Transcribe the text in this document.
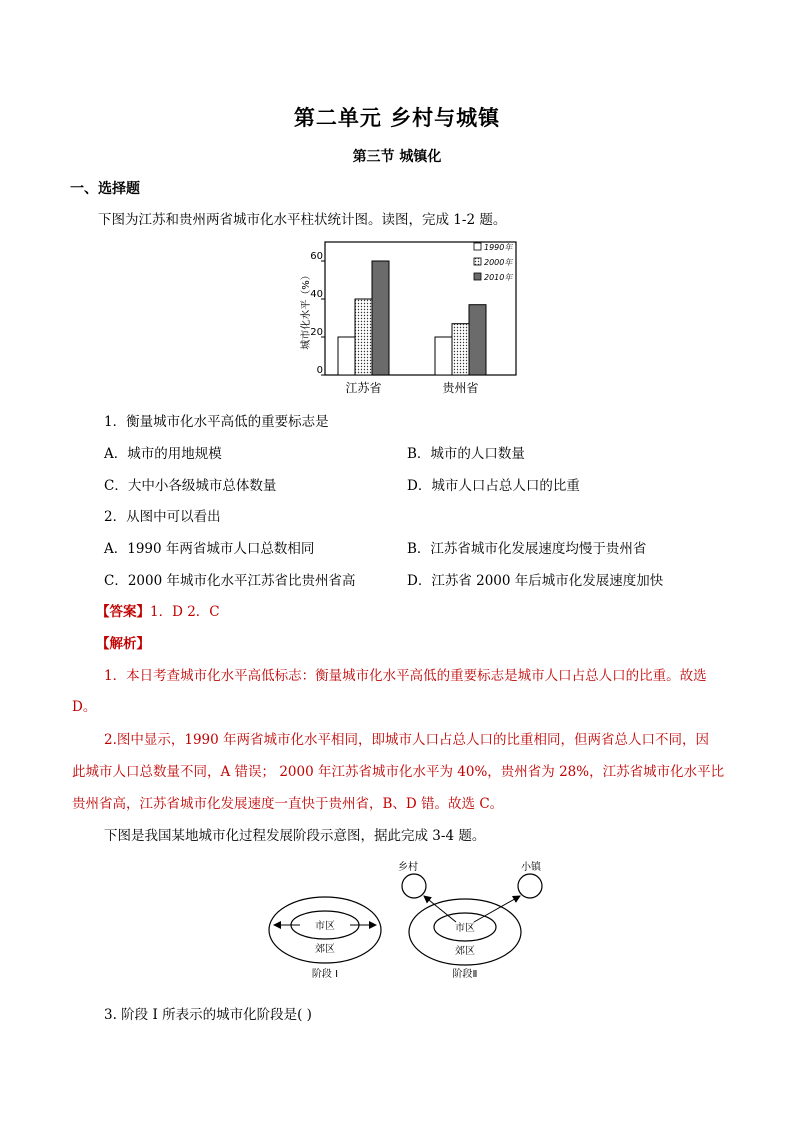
第二单元 乡村与城镇
第三节 城镇化
一、选择题
下图为江苏和贵州两省城市化水平柱状统计图。读图，完成 1-2 题。
0
20
40
60
江苏省	贵州省
城市化水平（%）
1990年
2000年
2010年
1．衡量城市化水平高低的重要标志是
A．城市的用地规模	B．城市的人口数量
C．大中小各级城市总体数量	D．城市人口占总人口的比重
2．从图中可以看出
A．1990 年两省城市人口总数相同	B．江苏省城市化发展速度均慢于贵州省
C．2000 年城市化水平江苏省比贵州省高	D．江苏省 2000 年后城市化发展速度加快
【答案】1．D 2．C
【解析】
1．本日考查城市化水平高低标志：衡量城市化水平高低的重要标志是城市人口占总人口的比重。故选
D。
2.图中显示，1990 年两省城市化水平相同，即城市人口占总人口的比重相同，但两省总人口不同，因
此城市人口总数量不同，A 错误； 2000 年江苏省城市化水平为 40%，贵州省为 28%，江苏省城市化水平比
贵州省高，江苏省城市化发展速度一直快于贵州省，B、D 错。故选 C。
下图是我国某地城市化过程发展阶段示意图，据此完成 3-4 题。
市区
郊区
阶段 I
乡村	小镇
市区
郊区
阶段Ⅱ
3. 阶段 I 所表示的城市化阶段是( )
